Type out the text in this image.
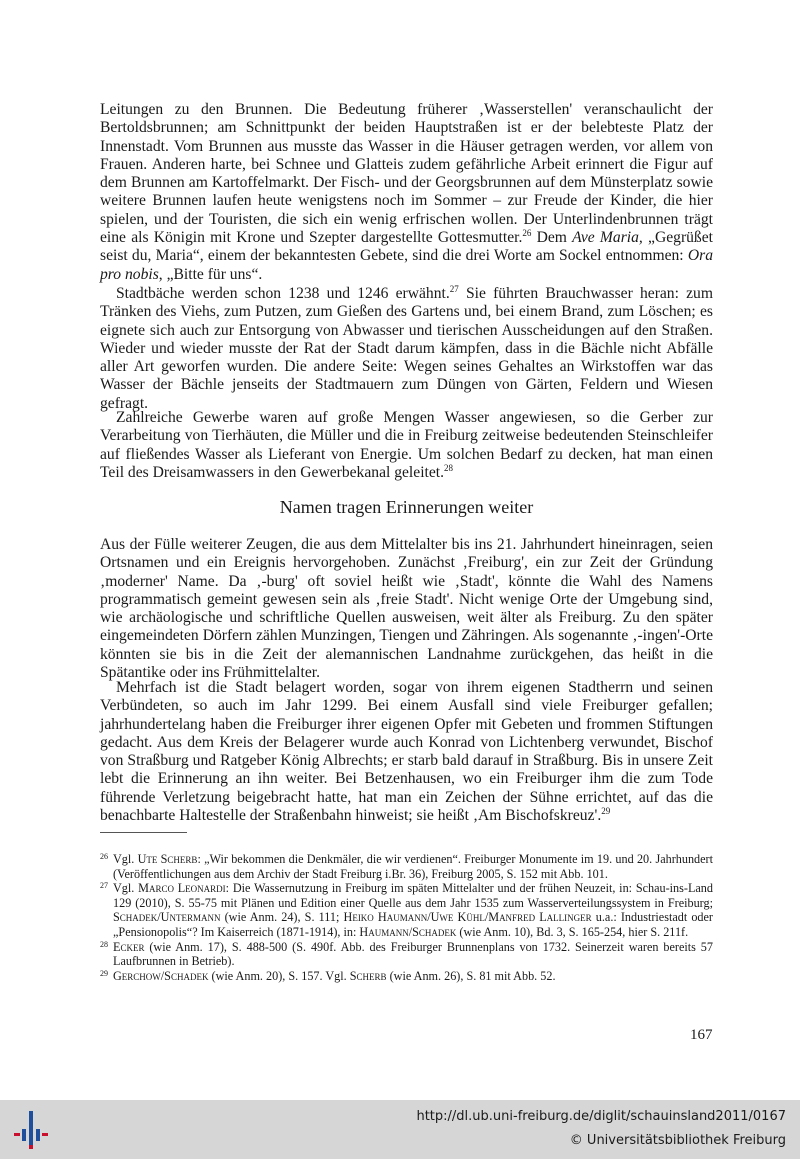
Leitungen zu den Brunnen. Die Bedeutung früherer ‚Wasserstellen' veranschaulicht der Bertoldsbrunnen; am Schnittpunkt der beiden Hauptstraßen ist er der belebteste Platz der Innenstadt. Vom Brunnen aus musste das Wasser in die Häuser getragen werden, vor allem von Frauen. Anderen harte, bei Schnee und Glatteis zudem gefährliche Arbeit erinnert die Figur auf dem Brunnen am Kartoffelmarkt. Der Fisch- und der Georgsbrunnen auf dem Münsterplatz sowie weitere Brunnen laufen heute wenigstens noch im Sommer – zur Freude der Kinder, die hier spielen, und der Touristen, die sich ein wenig erfrischen wollen. Der Unterlindenbrunnen trägt eine als Königin mit Krone und Szepter dargestellte Gottesmutter.$^{26}$ Dem Ave Maria, „Gegrüßet seist du, Maria“, einem der bekanntesten Gebete, sind die drei Worte am Sockel entnommen: Ora pro nobis, „Bitte für uns“.

Stadtbäche werden schon 1238 und 1246 erwähnt.$^{27}$ Sie führten Brauchwasser heran: zum Tränken des Viehs, zum Putzen, zum Gießen des Gartens und, bei einem Brand, zum Löschen; es eignete sich auch zur Entsorgung von Abwasser und tierischen Ausscheidungen auf den Straßen. Wieder und wieder musste der Rat der Stadt darum kämpfen, dass in die Bächle nicht Abfälle aller Art geworfen wurden. Die andere Seite: Wegen seines Gehaltes an Wirkstoffen war das Wasser der Bächle jenseits der Stadtmauern zum Düngen von Gärten, Feldern und Wiesen gefragt.

Zahlreiche Gewerbe waren auf große Mengen Wasser angewiesen, so die Gerber zur Verarbeitung von Tierhäuten, die Müller und die in Freiburg zeitweise bedeutenden Steinschleifer auf fließendes Wasser als Lieferant von Energie. Um solchen Bedarf zu decken, hat man einen Teil des Dreisamwassers in den Gewerbekanal geleitet.$^{28}$

Namen tragen Erinnerungen weiter

Aus der Fülle weiterer Zeugen, die aus dem Mittelalter bis ins 21. Jahrhundert hineinragen, seien Ortsnamen und ein Ereignis hervorgehoben. Zunächst ‚Freiburg', ein zur Zeit der Gründung ‚moderner' Name. Da ‚-burg' oft soviel heißt wie ‚Stadt', könnte die Wahl des Namens programmatisch gemeint gewesen sein als ‚freie Stadt'. Nicht wenige Orte der Umgebung sind, wie archäologische und schriftliche Quellen ausweisen, weit älter als Freiburg. Zu den später eingemeindeten Dörfern zählen Munzingen, Tiengen und Zähringen. Als sogenannte ‚-ingen'-Orte könnten sie bis in die Zeit der alemannischen Landnahme zurückgehen, das heißt in die Spätantike oder ins Frühmittelalter.

Mehrfach ist die Stadt belagert worden, sogar von ihrem eigenen Stadtherrn und seinen Verbündeten, so auch im Jahr 1299. Bei einem Ausfall sind viele Freiburger gefallen; jahrhundertelang haben die Freiburger ihrer eigenen Opfer mit Gebeten und frommen Stiftungen gedacht. Aus dem Kreis der Belagerer wurde auch Konrad von Lichtenberg verwundet, Bischof von Straßburg und Ratgeber König Albrechts; er starb bald darauf in Straßburg. Bis in unsere Zeit lebt die Erinnerung an ihn weiter. Bei Betzenhausen, wo ein Freiburger ihm die zum Tode führende Verletzung beigebracht hatte, hat man ein Zeichen der Sühne errichtet, auf das die benachbarte Haltestelle der Straßenbahn hinweist; sie heißt ‚Am Bischofskreuz'.$^{29}$

26 Vgl. Ute Scherb: „Wir bekommen die Denkmäler, die wir verdienen“. Freiburger Monumente im 19. und 20. Jahrhundert (Veröffentlichungen aus dem Archiv der Stadt Freiburg i.Br. 36), Freiburg 2005, S. 152 mit Abb. 101.

27 Vgl. Marco Leonardi: Die Wassernutzung in Freiburg im späten Mittelalter und der frühen Neuzeit, in: Schau-ins-Land 129 (2010), S. 55-75 mit Plänen und Edition einer Quelle aus dem Jahr 1535 zum Wasserverteilungssystem in Freiburg; Schadek/Untermann (wie Anm. 24), S. 111; Heiko Haumann/Uwe Kühl/Manfred Lallinger u.a.: Industriestadt oder „Pensionopolis“? Im Kaiserreich (1871-1914), in: Haumann/Schadek (wie Anm. 10), Bd. 3, S. 165-254, hier S. 211f.

28 Ecker (wie Anm. 17), S. 488-500 (S. 490f. Abb. des Freiburger Brunnenplans von 1732. Seinerzeit waren bereits 57 Laufbrunnen in Betrieb).

29 Gerchow/Schadek (wie Anm. 20), S. 157. Vgl. Scherb (wie Anm. 26), S. 81 mit Abb. 52.

167
http://dl.ub.uni-freiburg.de/diglit/schauinsland2011/0167
© Universitätsbibliothek Freiburg
